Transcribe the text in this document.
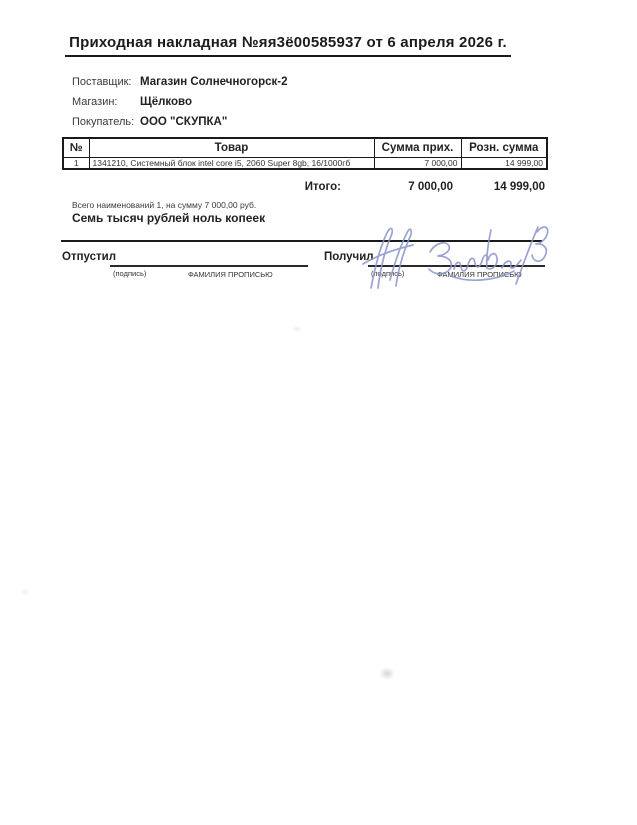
Приходная накладная №яя3ё00585937 от 6 апреля 2026 г.
Поставщик: Магазин Солнечногорск-2
Магазин:	Щёлково
Покупатель: ООО "СКУПКА"
№	Товар	Сумма прих.	Розн. сумма
1	1341210, Системный блок intel core i5, 2060 Super 8gb, 16/1000гб	7 000,00	14 999,00
Итого:	7 000,00	14 999,00
Всего наименований 1, на сумму 7 000,00 руб.
Семь тысяч рублей ноль копеек
Отпустил
(подпись)	ФАМИЛИЯ ПРОПИСЬЮ
Получил
(подпись)	ФАМИЛИЯ ПРОПИСЬЮ
